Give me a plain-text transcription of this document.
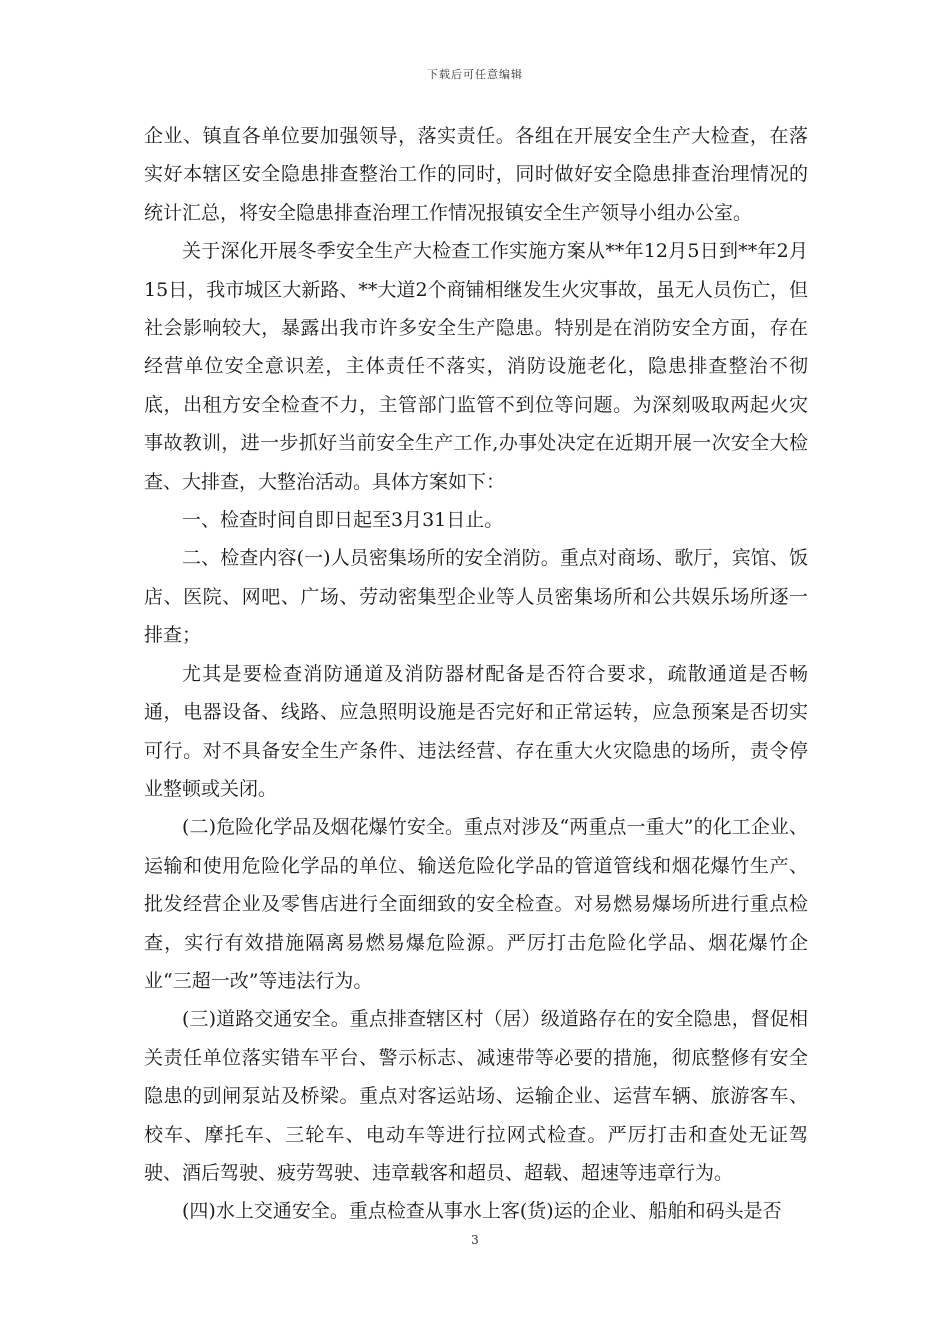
下载后可任意编辑

企业、镇直各单位要加强领导，落实责任。各组在开展安全生产大检查，在落实好本辖区安全隐患排查整治工作的同时，同时做好安全隐患排查治理情况的统计汇总，将安全隐患排查治理工作情况报镇安全生产领导小组办公室。

关于深化开展冬季安全生产大检查工作实施方案从**年12月5日到**年2月15日，我市城区大新路、**大道2个商铺相继发生火灾事故，虽无人员伤亡，但社会影响较大，暴露出我市许多安全生产隐患。特别是在消防安全方面，存在经营单位安全意识差，主体责任不落实，消防设施老化，隐患排查整治不彻底，出租方安全检查不力，主管部门监管不到位等问题。为深刻吸取两起火灾事故教训，进一步抓好当前安全生产工作,办事处决定在近期开展一次安全大检查、大排查，大整治活动。具体方案如下：

一、检查时间自即日起至3月31日止。

二、检查内容(一)人员密集场所的安全消防。重点对商场、歌厅，宾馆、饭店、医院、网吧、广场、劳动密集型企业等人员密集场所和公共娱乐场所逐一排查；

尤其是要检查消防通道及消防器材配备是否符合要求，疏散通道是否畅通，电器设备、线路、应急照明设施是否完好和正常运转，应急预案是否切实可行。对不具备安全生产条件、违法经营、存在重大火灾隐患的场所，责令停业整顿或关闭。

(二)危险化学品及烟花爆竹安全。重点对涉及“两重点一重大”的化工企业、运输和使用危险化学品的单位、输送危险化学品的管道管线和烟花爆竹生产、批发经营企业及零售店进行全面细致的安全检查。对易燃易爆场所进行重点检查，实行有效措施隔离易燃易爆危险源。严厉打击危险化学品、烟花爆竹企业“三超一改”等违法行为。

(三)道路交通安全。重点排查辖区村（居）级道路存在的安全隐患，督促相关责任单位落实错车平台、警示标志、减速带等必要的措施，彻底整修有安全隐患的剅闸泵站及桥梁。重点对客运站场、运输企业、运营车辆、旅游客车、校车、摩托车、三轮车、电动车等进行拉网式检查。严厉打击和查处无证驾驶、酒后驾驶、疲劳驾驶、违章载客和超员、超载、超速等违章行为。

(四)水上交通安全。重点检查从事水上客(货)运的企业、船舶和码头是否

3
